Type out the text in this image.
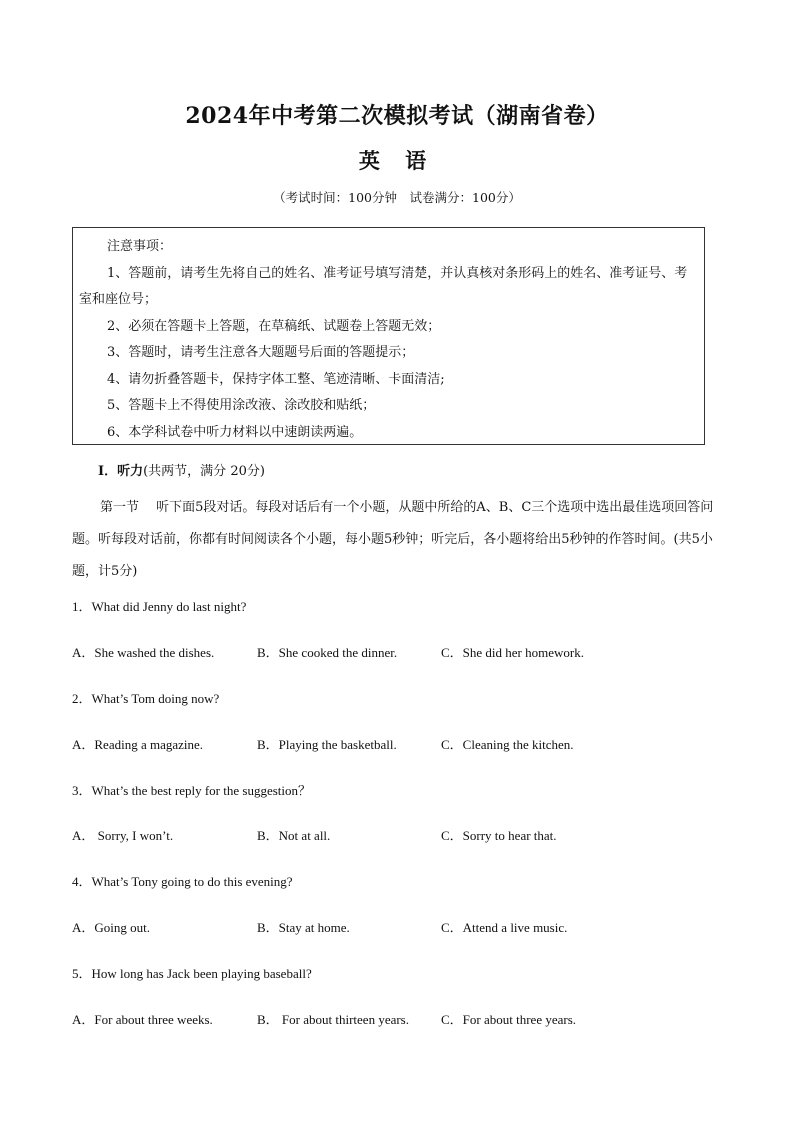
2024年中考第二次模拟考试（湖南省卷）
英 语
（考试时间：100分钟　试卷满分：100分）
注意事项：
1、答题前，请考生先将自己的姓名、准考证号填写清楚，并认真核对条形码上的姓名、准考证号、考室和座位号；
2、必须在答题卡上答题，在草稿纸、试题卷上答题无效；
3、答题时，请考生注意各大题题号后面的答题提示；
4、请勿折叠答题卡，保持字体工整、笔迹清晰、卡面清洁;
5、答题卡上不得使用涂改液、涂改胶和贴纸；
6、本学科试卷中听力材料以中速朗读两遍。
I．听力(共两节，满分 20分)
第一节　 听下面5段对话。每段对话后有一个小题，从题中所给的A、B、C三个选项中选出最佳选项回答问题。听每段对话前，你都有时间阅读各个小题，每小题5秒钟；听完后，各小题将给出5秒钟的作答时间。(共5小题，计5分)
1．What did Jenny do last night?
A．She washed the dishes.	B．She cooked the dinner.	C．She did her homework.
2．What’s Tom doing now?
A．Reading a magazine.	B．Playing the basketball.	C．Cleaning the kitchen.
3．What’s the best reply for the suggestion？
A． Sorry, I won’t.	B．Not at all.	C．Sorry to hear that.
4．What’s Tony going to do this evening?
A．Going out.	B．Stay at home.	C．Attend a live music.
5．How long has Jack been playing baseball?
A．For about three weeks.	B． For about thirteen years. C．For about three years.
